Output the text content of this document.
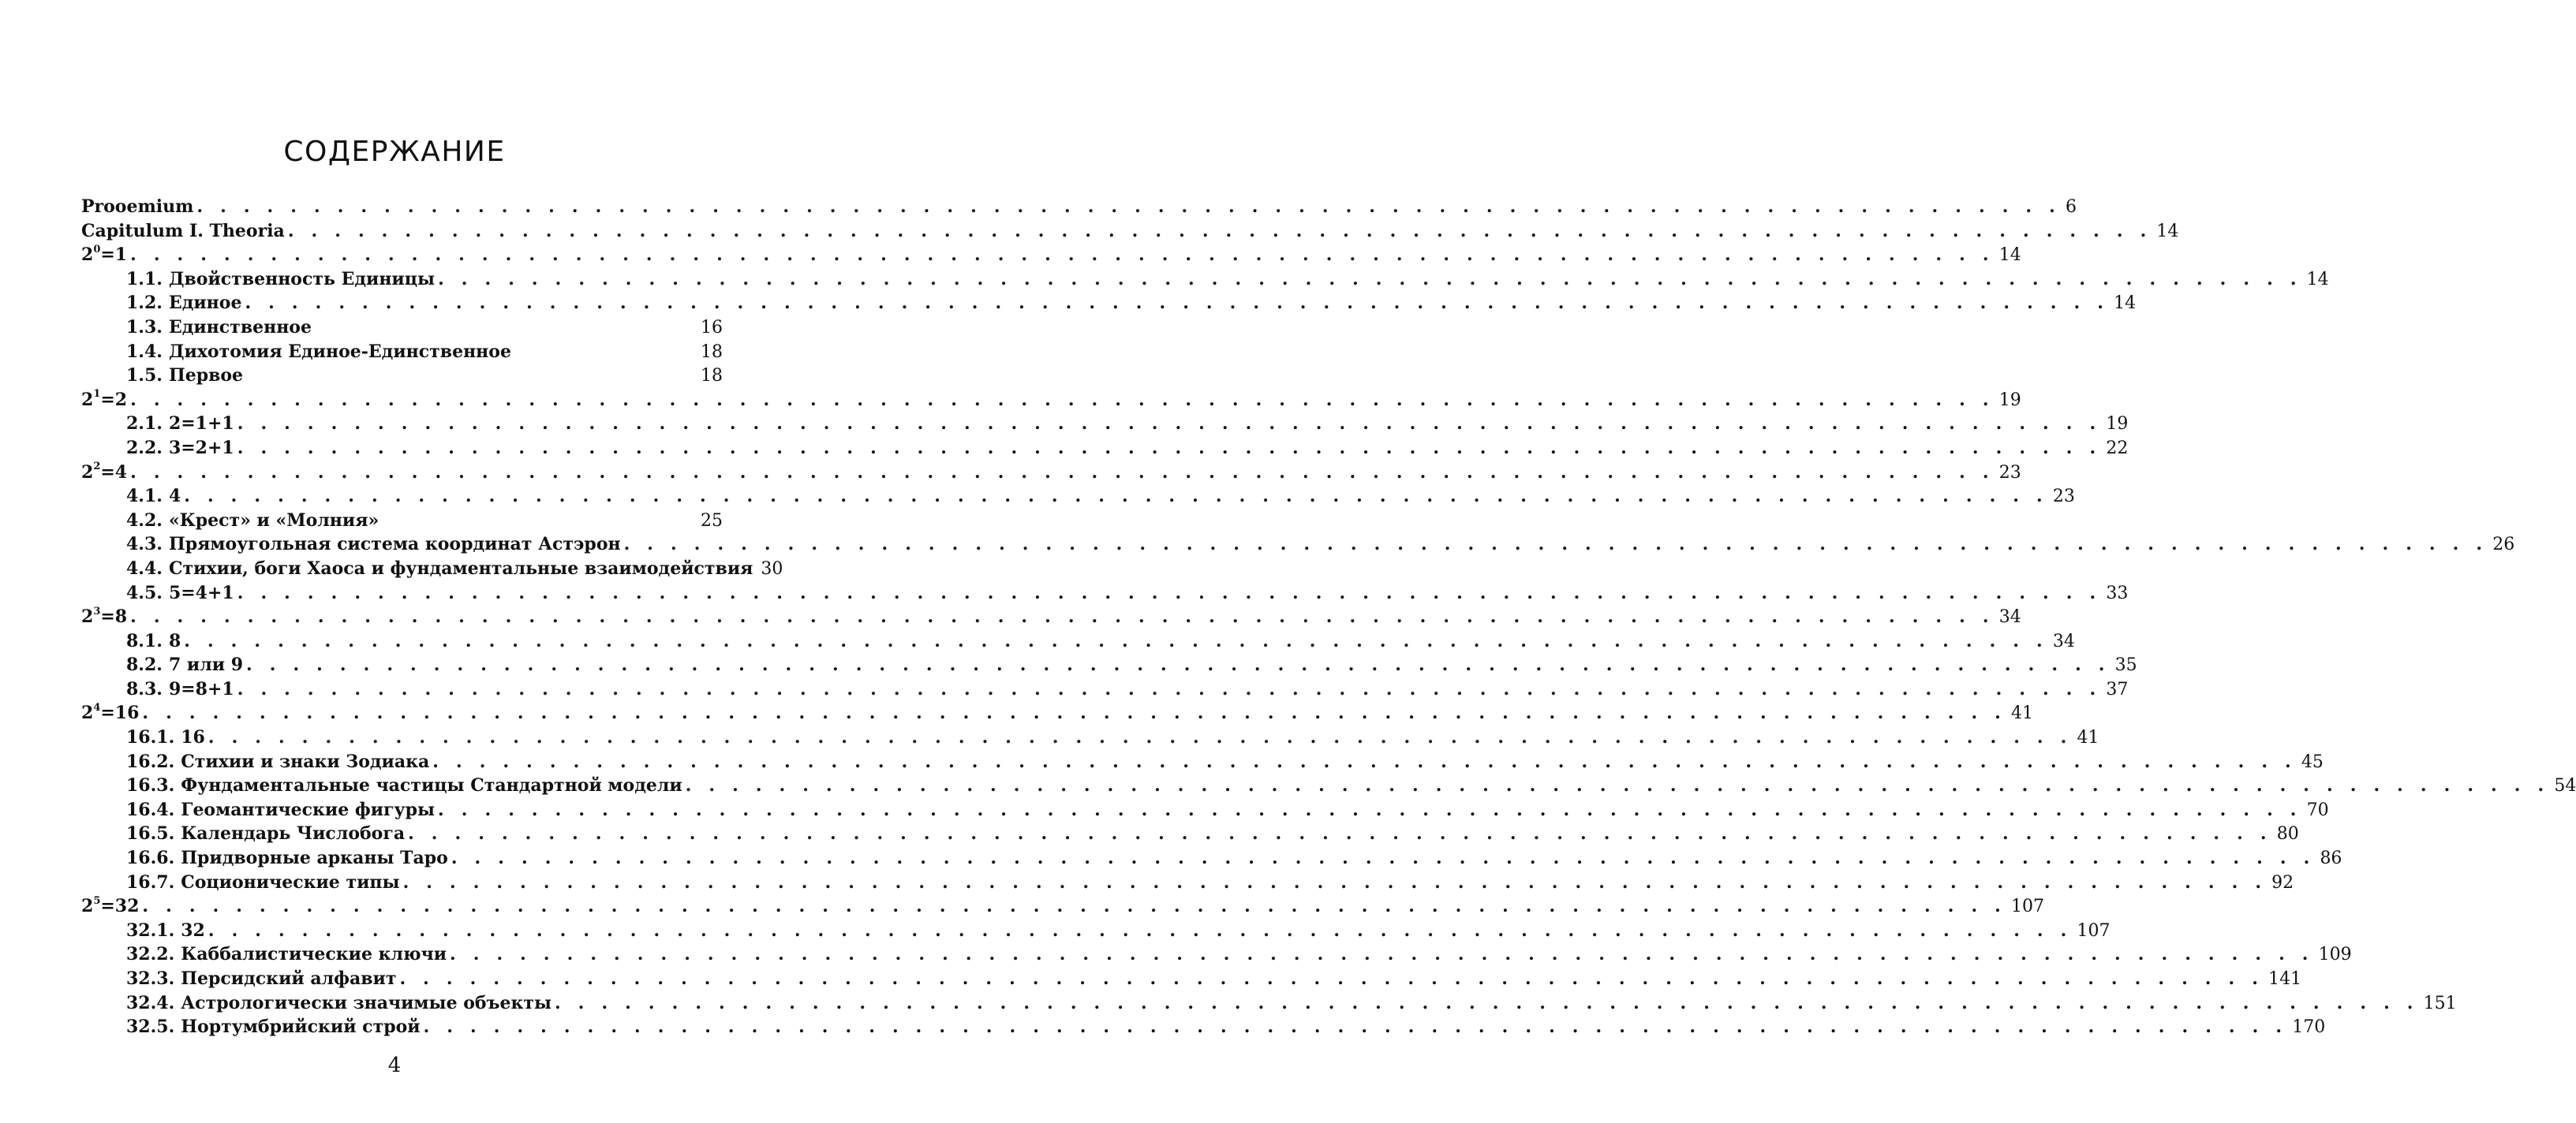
СОДЕРЖАНИЕ
Prooemium . . . . . . . . . . . . . . . . . . . . . . . . . . . . . . . . . . . . . . . . . . . . . . . . . . . . . . . . . . . . . . . . . . . . . . . . . . . . . . . . 6
Capitulum I. Theoria . . . . . . . . . . . . . . . . . . . . . . . . . . . . . . . . . . . . . . . . . . . . . . . . . . . . . . . . . . . . . . . . . . . . . . . . . . . . . . . . 14
$2^0=1$ . . . . . . . . . . . . . . . . . . . . . . . . . . . . . . . . . . . . . . . . . . . . . . . . . . . . . . . . . . . . . . . . . . . . . . . . . . . . . . . . 14
1.1. Двойственность Единицы . . . . . . . . . . . . . . . . . . . . . . . . . . . . . . . . . . . . . . . . . . . . . . . . . . . . . . . . . . . . . . . . . . . . . . . . . . . . . . . . 14
1.2. Единое . . . . . . . . . . . . . . . . . . . . . . . . . . . . . . . . . . . . . . . . . . . . . . . . . . . . . . . . . . . . . . . . . . . . . . . . . . . . . . . . 14
1.3. Единственное	16
1.4. Дихотомия Единое-Единственное	18
1.5. Первое	18
$2^1=2$ . . . . . . . . . . . . . . . . . . . . . . . . . . . . . . . . . . . . . . . . . . . . . . . . . . . . . . . . . . . . . . . . . . . . . . . . . . . . . . . . 19
2.1. 2=1+1 . . . . . . . . . . . . . . . . . . . . . . . . . . . . . . . . . . . . . . . . . . . . . . . . . . . . . . . . . . . . . . . . . . . . . . . . . . . . . . . . 19
2.2. 3=2+1 . . . . . . . . . . . . . . . . . . . . . . . . . . . . . . . . . . . . . . . . . . . . . . . . . . . . . . . . . . . . . . . . . . . . . . . . . . . . . . . . 22
$2^2=4$ . . . . . . . . . . . . . . . . . . . . . . . . . . . . . . . . . . . . . . . . . . . . . . . . . . . . . . . . . . . . . . . . . . . . . . . . . . . . . . . . 23
4.1. 4 . . . . . . . . . . . . . . . . . . . . . . . . . . . . . . . . . . . . . . . . . . . . . . . . . . . . . . . . . . . . . . . . . . . . . . . . . . . . . . . . 23
4.2. «Крест» и «Молния»	25
4.3. Прямоугольная система координат Астэрон . . . . . . . . . . . . . . . . . . . . . . . . . . . . . . . . . . . . . . . . . . . . . . . . . . . . . . . . . . . . . . . . . . . . . . . . . . . . . . . . 26
4.4. Стихии, боги Хаоса и фундаментальные взаимодействия 30
4.5. 5=4+1 . . . . . . . . . . . . . . . . . . . . . . . . . . . . . . . . . . . . . . . . . . . . . . . . . . . . . . . . . . . . . . . . . . . . . . . . . . . . . . . . 33
$2^3=8$ . . . . . . . . . . . . . . . . . . . . . . . . . . . . . . . . . . . . . . . . . . . . . . . . . . . . . . . . . . . . . . . . . . . . . . . . . . . . . . . . 34
8.1. 8 . . . . . . . . . . . . . . . . . . . . . . . . . . . . . . . . . . . . . . . . . . . . . . . . . . . . . . . . . . . . . . . . . . . . . . . . . . . . . . . . 34
8.2. 7 или 9 . . . . . . . . . . . . . . . . . . . . . . . . . . . . . . . . . . . . . . . . . . . . . . . . . . . . . . . . . . . . . . . . . . . . . . . . . . . . . . . . 35
8.3. 9=8+1 . . . . . . . . . . . . . . . . . . . . . . . . . . . . . . . . . . . . . . . . . . . . . . . . . . . . . . . . . . . . . . . . . . . . . . . . . . . . . . . . 37
$2^4=16$ . . . . . . . . . . . . . . . . . . . . . . . . . . . . . . . . . . . . . . . . . . . . . . . . . . . . . . . . . . . . . . . . . . . . . . . . . . . . . . . . 41
16.1. 16 . . . . . . . . . . . . . . . . . . . . . . . . . . . . . . . . . . . . . . . . . . . . . . . . . . . . . . . . . . . . . . . . . . . . . . . . . . . . . . . . 41
16.2. Стихии и знаки Зодиака . . . . . . . . . . . . . . . . . . . . . . . . . . . . . . . . . . . . . . . . . . . . . . . . . . . . . . . . . . . . . . . . . . . . . . . . . . . . . . . . 45
16.3. Фундаментальные частицы Стандартной модели . . . . . . . . . . . . . . . . . . . . . . . . . . . . . . . . . . . . . . . . . . . . . . . . . . . . . . . . . . . . . . . . . . . . . . . . . . . . . . . . 54
16.4. Геомантические фигуры . . . . . . . . . . . . . . . . . . . . . . . . . . . . . . . . . . . . . . . . . . . . . . . . . . . . . . . . . . . . . . . . . . . . . . . . . . . . . . . . 70
16.5. Календарь Числобога . . . . . . . . . . . . . . . . . . . . . . . . . . . . . . . . . . . . . . . . . . . . . . . . . . . . . . . . . . . . . . . . . . . . . . . . . . . . . . . . 80
16.6. Придворные арканы Таро . . . . . . . . . . . . . . . . . . . . . . . . . . . . . . . . . . . . . . . . . . . . . . . . . . . . . . . . . . . . . . . . . . . . . . . . . . . . . . . . 86
16.7. Соционические типы . . . . . . . . . . . . . . . . . . . . . . . . . . . . . . . . . . . . . . . . . . . . . . . . . . . . . . . . . . . . . . . . . . . . . . . . . . . . . . . . 92
$2^5=32$ . . . . . . . . . . . . . . . . . . . . . . . . . . . . . . . . . . . . . . . . . . . . . . . . . . . . . . . . . . . . . . . . . . . . . . . . . . . . . . . . 107
32.1. 32 . . . . . . . . . . . . . . . . . . . . . . . . . . . . . . . . . . . . . . . . . . . . . . . . . . . . . . . . . . . . . . . . . . . . . . . . . . . . . . . . 107
32.2. Каббалистические ключи . . . . . . . . . . . . . . . . . . . . . . . . . . . . . . . . . . . . . . . . . . . . . . . . . . . . . . . . . . . . . . . . . . . . . . . . . . . . . . . . 109
32.3. Персидский алфавит . . . . . . . . . . . . . . . . . . . . . . . . . . . . . . . . . . . . . . . . . . . . . . . . . . . . . . . . . . . . . . . . . . . . . . . . . . . . . . . . 141
32.4. Астрологически значимые объекты . . . . . . . . . . . . . . . . . . . . . . . . . . . . . . . . . . . . . . . . . . . . . . . . . . . . . . . . . . . . . . . . . . . . . . . . . . . . . . . . 151
32.5. Нортумбрийский строй . . . . . . . . . . . . . . . . . . . . . . . . . . . . . . . . . . . . . . . . . . . . . . . . . . . . . . . . . . . . . . . . . . . . . . . . . . . . . . . . 170
4
